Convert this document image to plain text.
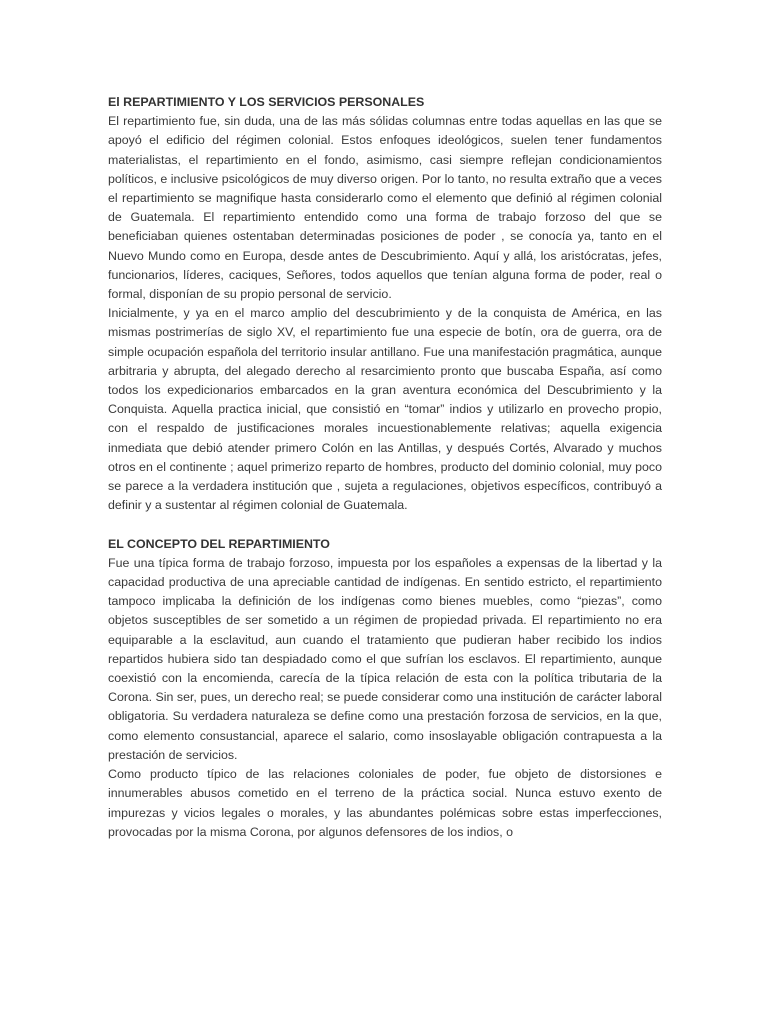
El REPARTIMIENTO Y LOS SERVICIOS PERSONALES

El repartimiento fue, sin duda, una de las más sólidas columnas entre todas aquellas en las que se apoyó el edificio del régimen colonial. Estos enfoques ideológicos, suelen tener fundamentos materialistas, el repartimiento en el fondo, asimismo, casi siempre reflejan condicionamientos políticos, e inclusive psicológicos de muy diverso origen. Por lo tanto, no resulta extraño que a veces el repartimiento se magnifique hasta considerarlo como el elemento que definió al régimen colonial de Guatemala. El repartimiento entendido como una forma de trabajo forzoso del que se beneficiaban quienes ostentaban determinadas posiciones de poder , se conocía ya, tanto en el Nuevo Mundo como en Europa, desde antes de Descubrimiento. Aquí y allá, los aristócratas, jefes, funcionarios, líderes, caciques, Señores, todos aquellos que tenían alguna forma de poder, real o formal, disponían de su propio personal de servicio.

Inicialmente, y ya en el marco amplio del descubrimiento y de la conquista de América, en las mismas postrimerías de siglo XV, el repartimiento fue una especie de botín, ora de guerra, ora de simple ocupación española del territorio insular antillano. Fue una manifestación pragmática, aunque arbitraria y abrupta, del alegado derecho al resarcimiento pronto que buscaba España, así como todos los expedicionarios embarcados en la gran aventura económica del Descubrimiento y la Conquista. Aquella practica inicial, que consistió en “tomar” indios y utilizarlo en provecho propio, con el respaldo de justificaciones morales incuestionablemente relativas; aquella exigencia inmediata que debió atender primero Colón en las Antillas, y después Cortés, Alvarado y muchos otros en el continente ; aquel primerizo reparto de hombres, producto del dominio colonial, muy poco se parece a la verdadera institución que , sujeta a regulaciones, objetivos específicos, contribuyó a definir y a sustentar al régimen colonial de Guatemala.

EL CONCEPTO DEL REPARTIMIENTO

Fue una típica forma de trabajo forzoso, impuesta por los españoles a expensas de la libertad y la capacidad productiva de una apreciable cantidad de indígenas. En sentido estricto, el repartimiento tampoco implicaba la definición de los indígenas como bienes muebles, como “piezas”, como objetos susceptibles de ser sometido a un régimen de propiedad privada. El repartimiento no era equiparable a la esclavitud, aun cuando el tratamiento que pudieran haber recibido los indios repartidos hubiera sido tan despiadado como el que sufrían los esclavos. El repartimiento, aunque coexistió con la encomienda, carecía de la típica relación de esta con la política tributaria de la Corona. Sin ser, pues, un derecho real; se puede considerar como una institución de carácter laboral obligatoria. Su verdadera naturaleza se define como una prestación forzosa de servicios, en la que, como elemento consustancial, aparece el salario, como insoslayable obligación contrapuesta a la prestación de servicios.

Como producto típico de las relaciones coloniales de poder, fue objeto de distorsiones e innumerables abusos cometido en el terreno de la práctica social. Nunca estuvo exento de impurezas y vicios legales o morales, y las abundantes polémicas sobre estas imperfecciones, provocadas por la misma Corona, por algunos defensores de los indios, o
